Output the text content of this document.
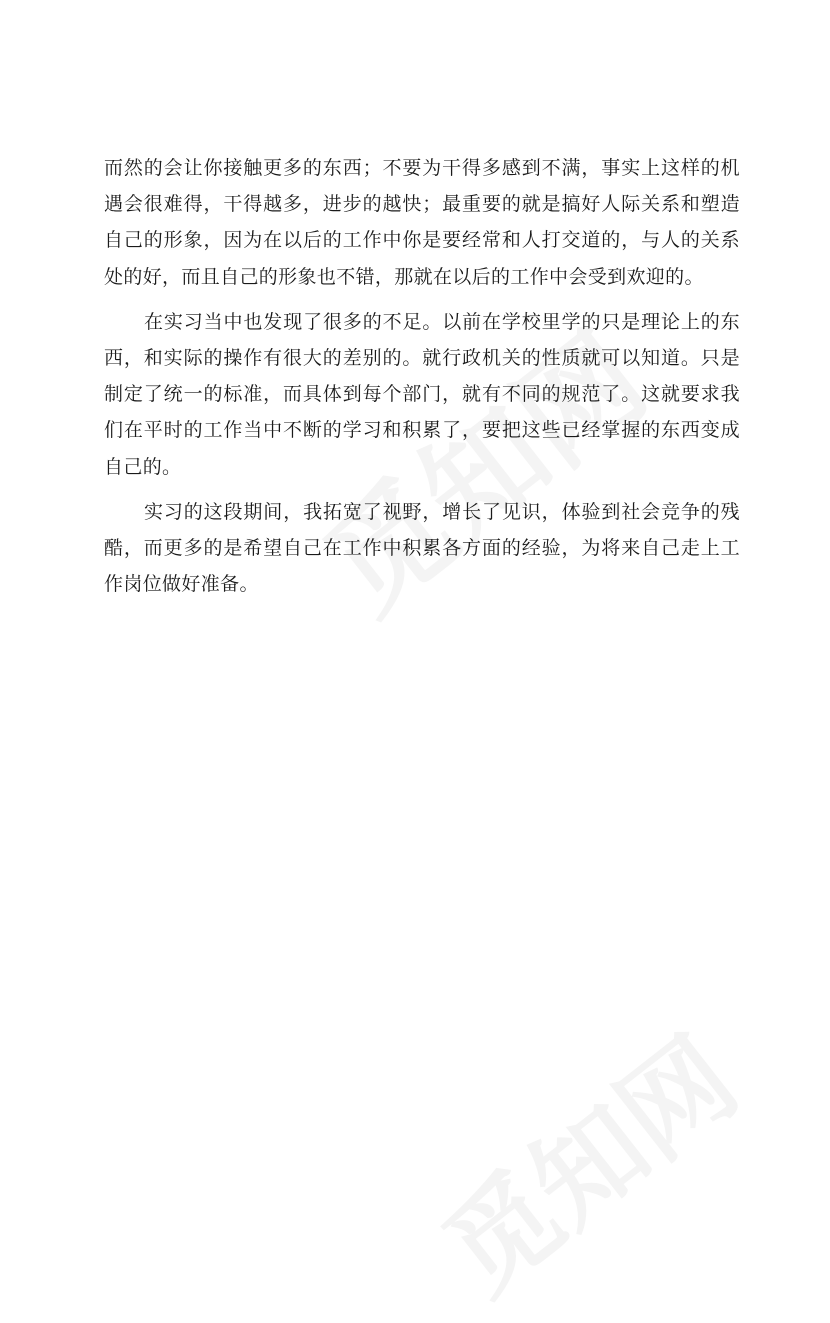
而然的会让你接触更多的东西；不要为干得多感到不满，事实上这样的机遇会很难得，干得越多，进步的越快；最重要的就是搞好人际关系和塑造自己的形象，因为在以后的工作中你是要经常和人打交道的，与人的关系处的好，而且自己的形象也不错，那就在以后的工作中会受到欢迎的。

在实习当中也发现了很多的不足。以前在学校里学的只是理论上的东西，和实际的操作有很大的差别的。就行政机关的性质就可以知道。只是制定了统一的标准，而具体到每个部门，就有不同的规范了。这就要求我们在平时的工作当中不断的学习和积累了，要把这些已经掌握的东西变成自己的。

实习的这段期间，我拓宽了视野，增长了见识，体验到社会竞争的残酷，而更多的是希望自己在工作中积累各方面的经验，为将来自己走上工作岗位做好准备。
